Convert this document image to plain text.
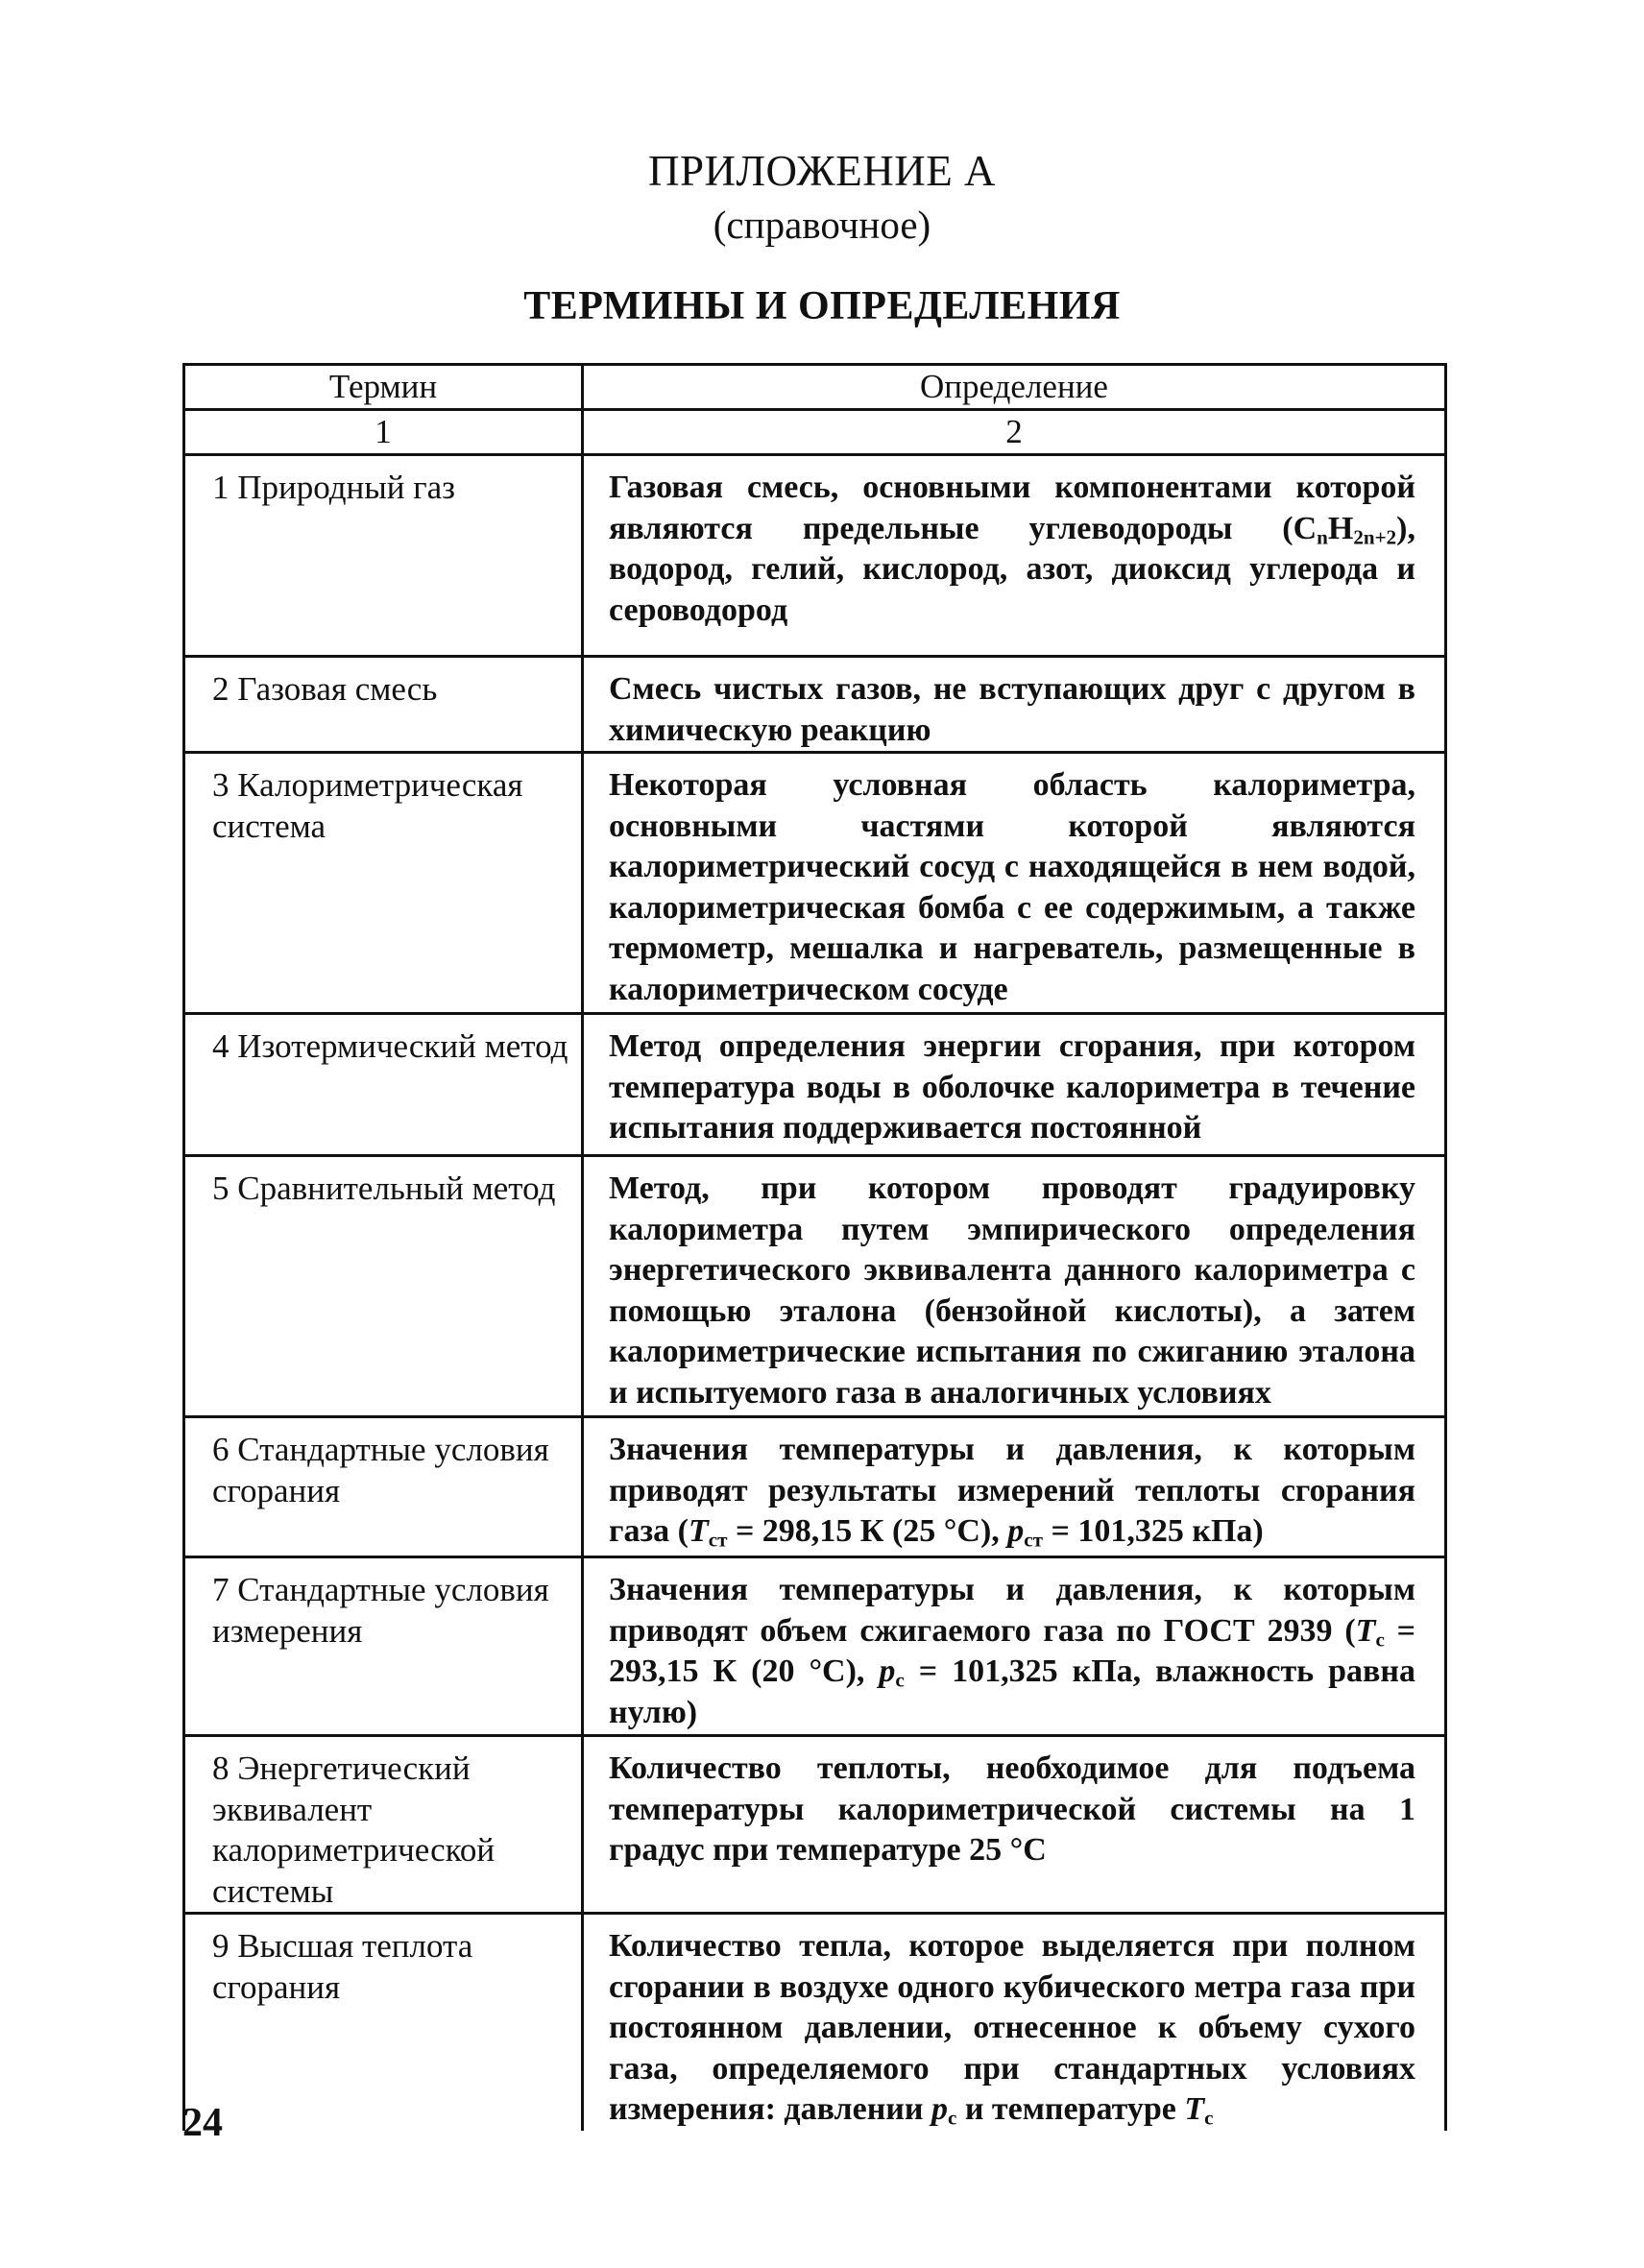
ПРИЛОЖЕНИЕ А
(справочное)
ТЕРМИНЫ И ОПРЕДЕЛЕНИЯ
Термин	Определение
1	2
1 Природный газ	Газовая смесь, основными компонентами которой являются предельные углеводороды $(C_nH_{2n+2})$, водород, гелий, кислород, азот, диоксид углерода и сероводород
2 Газовая смесь	Смесь чистых газов, не вступающих друг с другом в химическую реакцию
3 Калориметрическая система	Некоторая условная область калориметра, основными частями которой являются калориметрический сосуд с находящейся в нем водой, калориметрическая бомба с ее содержимым, а также термометр, мешалка и нагреватель, размещенные в калориметрическом сосуде
4 Изотермический метод	Метод определения энергии сгорания, при котором температура воды в оболочке калориметра в течение испытания поддерживается постоянной
5 Сравнительный метод	Метод, при котором проводят градуировку калориметра путем эмпирического определения энергетического эквивалента данного калориметра с помощью эталона (бензойной кислоты), а затем калориметрические испытания по сжиганию эталона и испытуемого газа в аналогичных условиях
6 Стандартные условия сгорания	Значения температуры и давления, к которым приводят результаты измерений теплоты сгорания газа ($T_{ст} = 298,15$ К (25 °С), $p_{ст} = 101,325$ кПа)
7 Стандартные условия измерения	Значения температуры и давления, к которым приводят объем сжигаемого газа по ГОСТ 2939 ($T_с = 293,15$ К (20 °С), $p_с = 101,325$ кПа, влажность равна нулю)
8 Энергетический эквивалент калориметрической системы	Количество теплоты, необходимое для подъема температуры калориметрической системы на 1 градус при температуре 25 °С
9 Высшая теплота сгорания	Количество тепла, которое выделяется при полном сгорании в воздухе одного кубического метра газа при постоянном давлении, отнесенное к объему сухого газа, определяемого при стандартных условиях измерения: давлении $p_с$ и температуре $T_с$
24
